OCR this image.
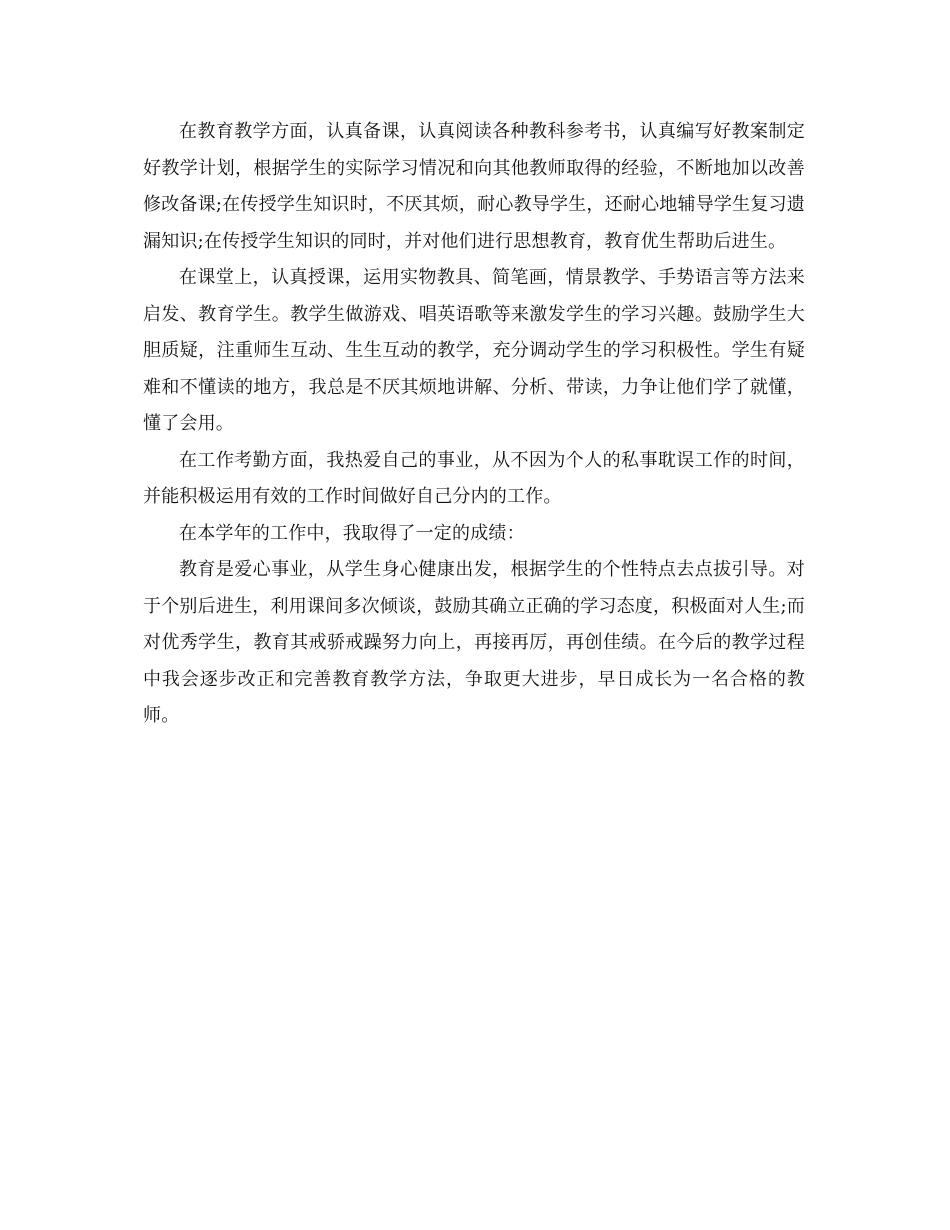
在教育教学方面，认真备课，认真阅读各种教科参考书，认真编写好教案制定好教学计划，根据学生的实际学习情况和向其他教师取得的经验，不断地加以改善修改备课;在传授学生知识时，不厌其烦，耐心教导学生，还耐心地辅导学生复习遗漏知识;在传授学生知识的同时，并对他们进行思想教育，教育优生帮助后进生。

在课堂上，认真授课，运用实物教具、简笔画，情景教学、手势语言等方法来启发、教育学生。教学生做游戏、唱英语歌等来激发学生的学习兴趣。鼓励学生大胆质疑，注重师生互动、生生互动的教学，充分调动学生的学习积极性。学生有疑难和不懂读的地方，我总是不厌其烦地讲解、分析、带读，力争让他们学了就懂，懂了会用。

在工作考勤方面，我热爱自己的事业，从不因为个人的私事耽误工作的时间，并能积极运用有效的工作时间做好自己分内的工作。

在本学年的工作中，我取得了一定的成绩：

教育是爱心事业，从学生身心健康出发，根据学生的个性特点去点拔引导。对于个别后进生，利用课间多次倾谈，鼓励其确立正确的学习态度，积极面对人生;而对优秀学生，教育其戒骄戒躁努力向上，再接再厉，再创佳绩。在今后的教学过程中我会逐步改正和完善教育教学方法，争取更大进步，早日成长为一名合格的教师。
